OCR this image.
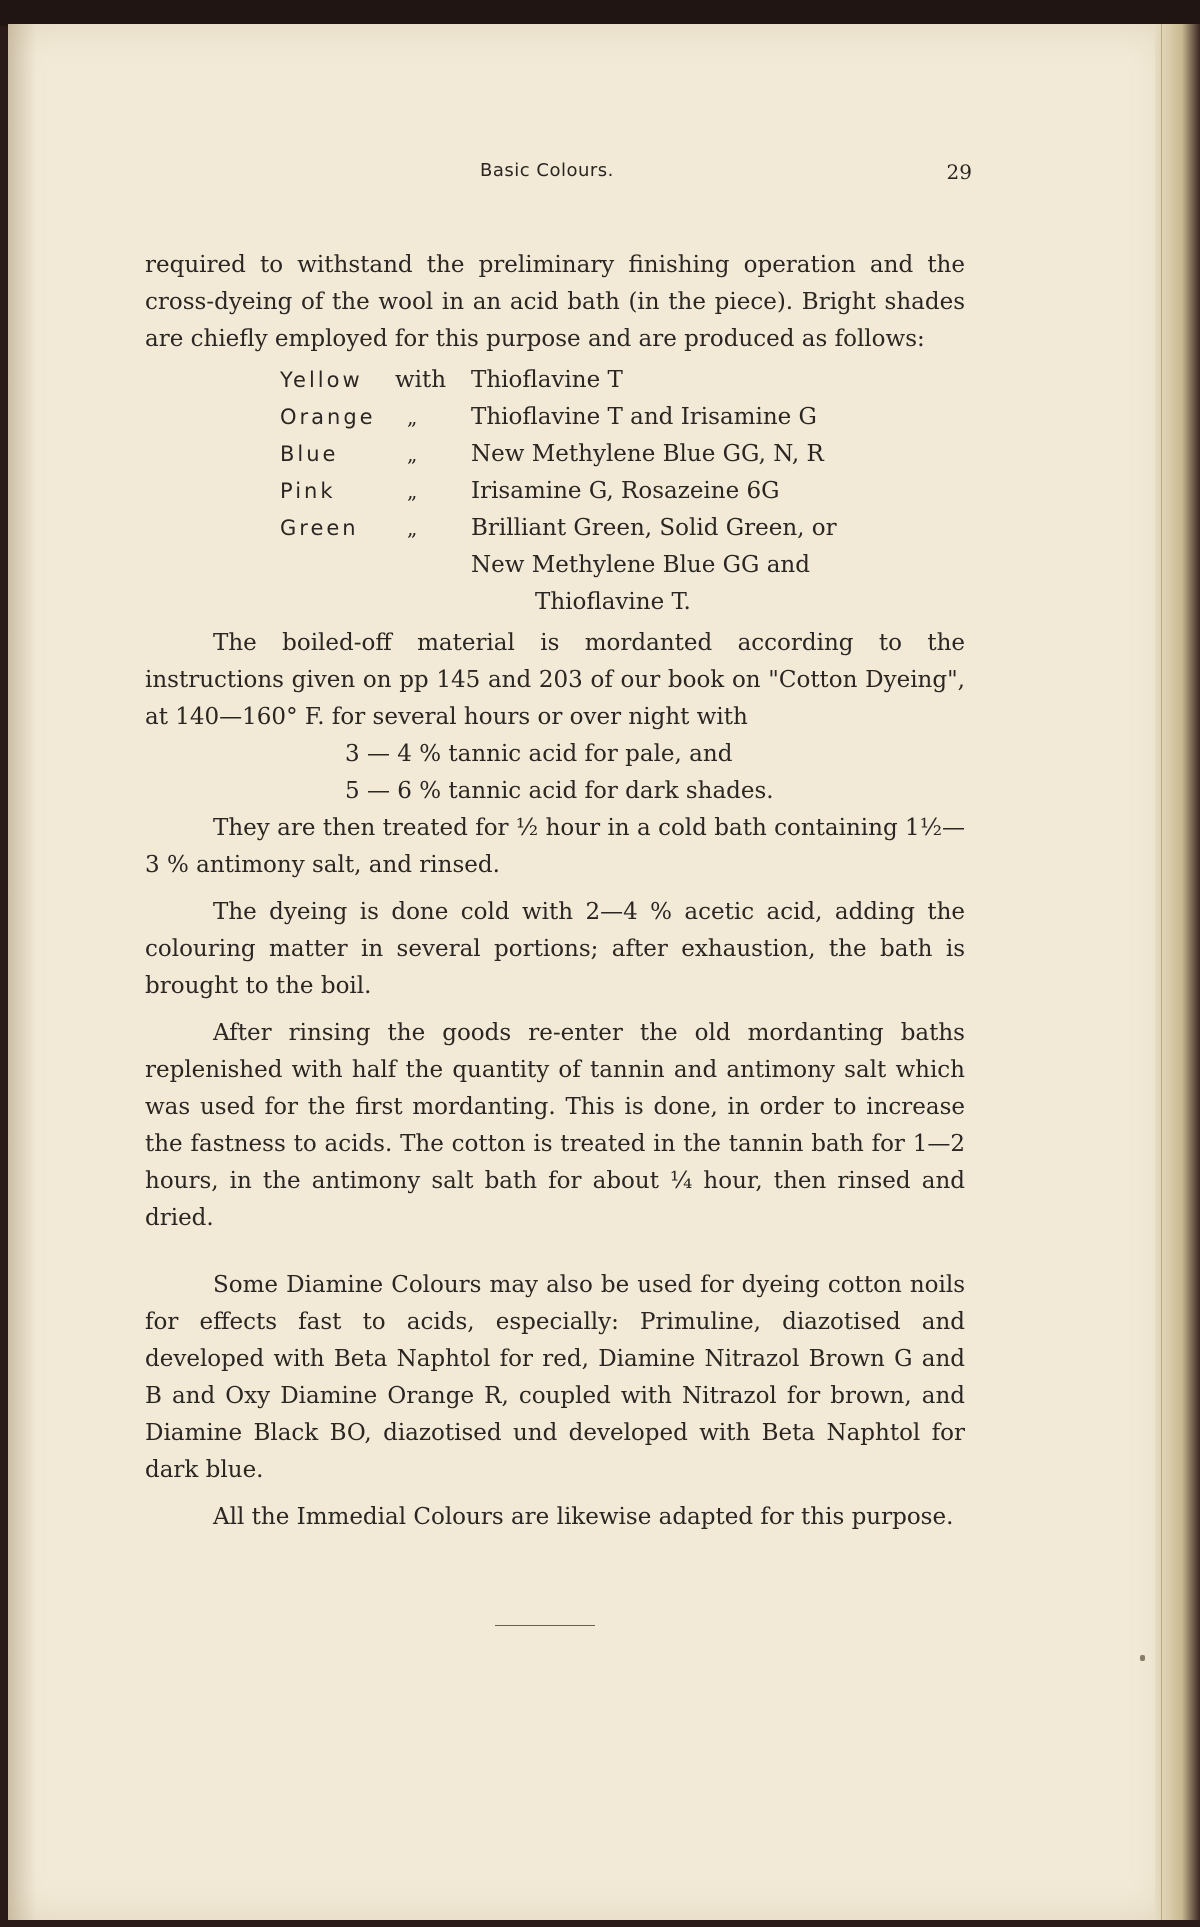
Basic Colours.	29

required to withstand the preliminary finishing operation and the cross-dyeing of the wool in an acid bath (in the piece). Bright shades are chiefly employed for this purpose and are produced as follows:

Yellow	with	Thioflavine T
Orange	„	Thioflavine T and Irisamine G
Blue	„	New Methylene Blue GG, N, R
Pink	„	Irisamine G, Rosazeine 6G
Green	„	Brilliant Green, Solid Green, or
		New Methylene Blue GG and
		Thioflavine T.

The boiled-off material is mordanted according to the instructions given on pp 145 and 203 of our book on "Cotton Dyeing", at 140—160° F. for several hours or over night with

3 — 4 % tannic acid for pale, and
5 — 6 % tannic acid for dark shades.

They are then treated for ½ hour in a cold bath containing 1½—3 % antimony salt, and rinsed.

The dyeing is done cold with 2—4 % acetic acid, adding the colouring matter in several portions; after exhaustion, the bath is brought to the boil.

After rinsing the goods re-enter the old mordanting baths replenished with half the quantity of tannin and antimony salt which was used for the first mordanting. This is done, in order to increase the fastness to acids. The cotton is treated in the tannin bath for 1—2 hours, in the antimony salt bath for about ¼ hour, then rinsed and dried.

Some Diamine Colours may also be used for dyeing cotton noils for effects fast to acids, especially: Primuline, diazotised and developed with Beta Naphtol for red, Diamine Nitrazol Brown G and B and Oxy Diamine Orange R, coupled with Nitrazol for brown, and Diamine Black BO, diazotised und developed with Beta Naphtol for dark blue.

All the Immedial Colours are likewise adapted for this purpose.
